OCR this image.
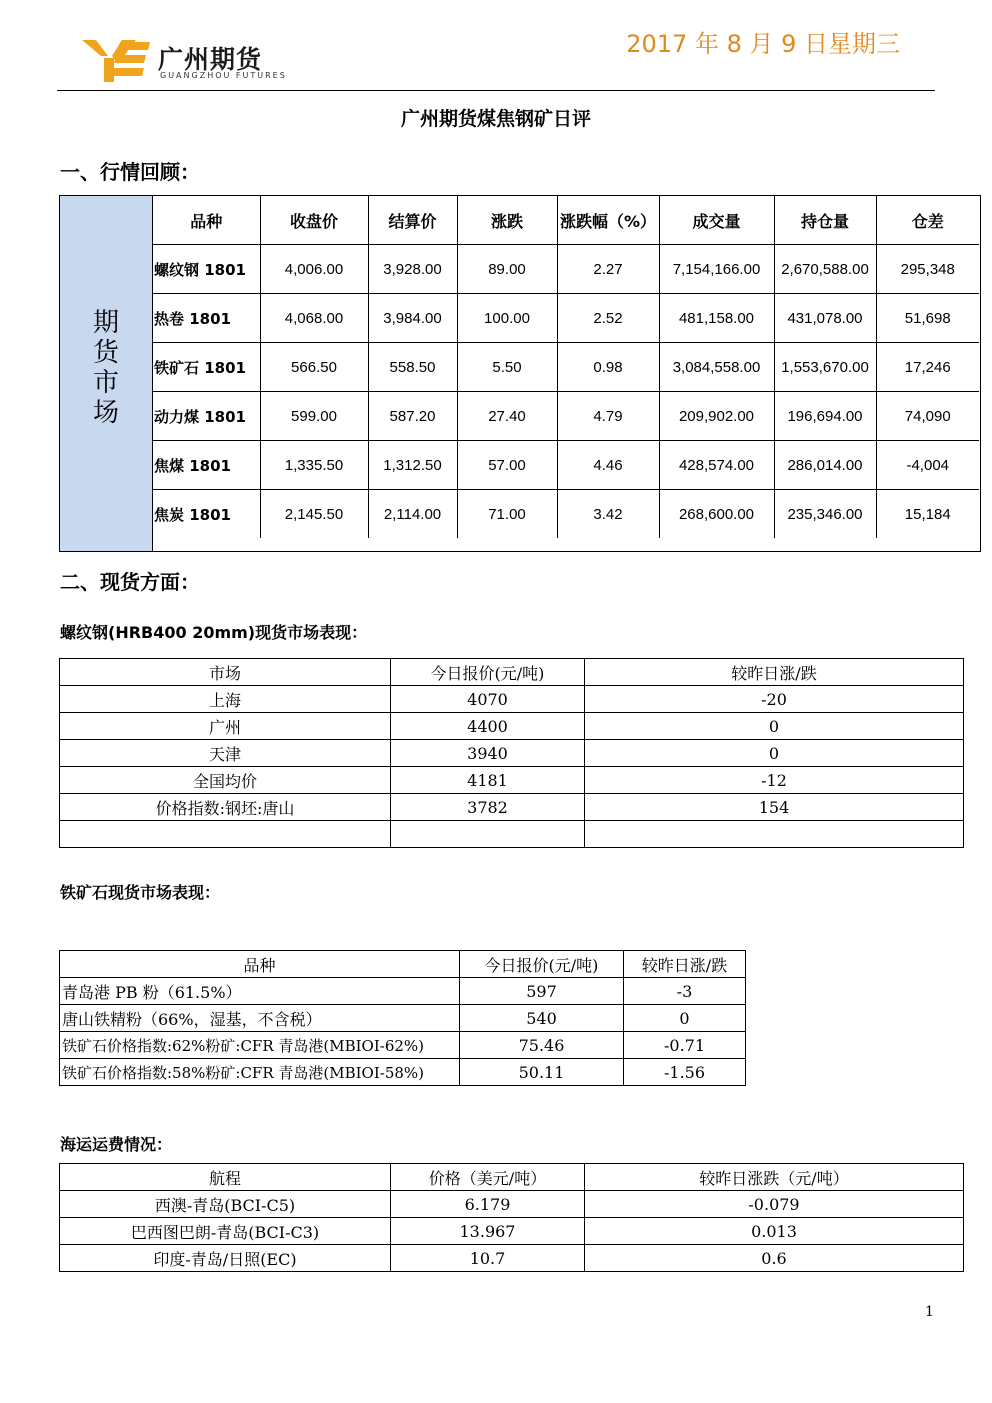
广州期货
GUANGZHOU FUTURES
2017 年 8 月 9 日星期三
广州期货煤焦钢矿日评
一、行情回顾：
期
货
市
场
品种	收盘价	结算价	涨跌	涨跌幅（%）	成交量	持仓量	仓差
螺纹钢 1801	4,006.00	3,928.00	89.00	2.27	7,154,166.00	2,670,588.00	295,348
热卷 1801	4,068.00	3,984.00	100.00	2.52	481,158.00	431,078.00	51,698
铁矿石 1801	566.50	558.50	5.50	0.98	3,084,558.00	1,553,670.00	17,246
动力煤 1801	599.00	587.20	27.40	4.79	209,902.00	196,694.00	74,090
焦煤 1801	1,335.50	1,312.50	57.00	4.46	428,574.00	286,014.00	-4,004
焦炭 1801	2,145.50	2,114.00	71.00	3.42	268,600.00	235,346.00	15,184
二、现货方面：
螺纹钢(HRB400 20mm)现货市场表现：
市场	今日报价(元/吨)	较昨日涨/跌
上海	4070	-20
广州	4400	0
天津	3940	0
全国均价	4181	-12
价格指数:钢坯:唐山	3782	154

铁矿石现货市场表现：
品种	今日报价(元/吨)	较昨日涨/跌
青岛港 PB 粉（61.5%）	597	-3
唐山铁精粉（66%，湿基，不含税）	540	0
铁矿石价格指数:62%粉矿:CFR 青岛港(MBIOI-62%)	75.46	-0.71
铁矿石价格指数:58%粉矿:CFR 青岛港(MBIOI-58%)	50.11	-1.56
海运运费情况：
航程	价格（美元/吨）	较昨日涨跌（元/吨）
西澳-青岛(BCI-C5)	6.179	-0.079
巴西图巴朗-青岛(BCI-C3)	13.967	0.013
印度-青岛/日照(EC)	10.7	0.6
1
